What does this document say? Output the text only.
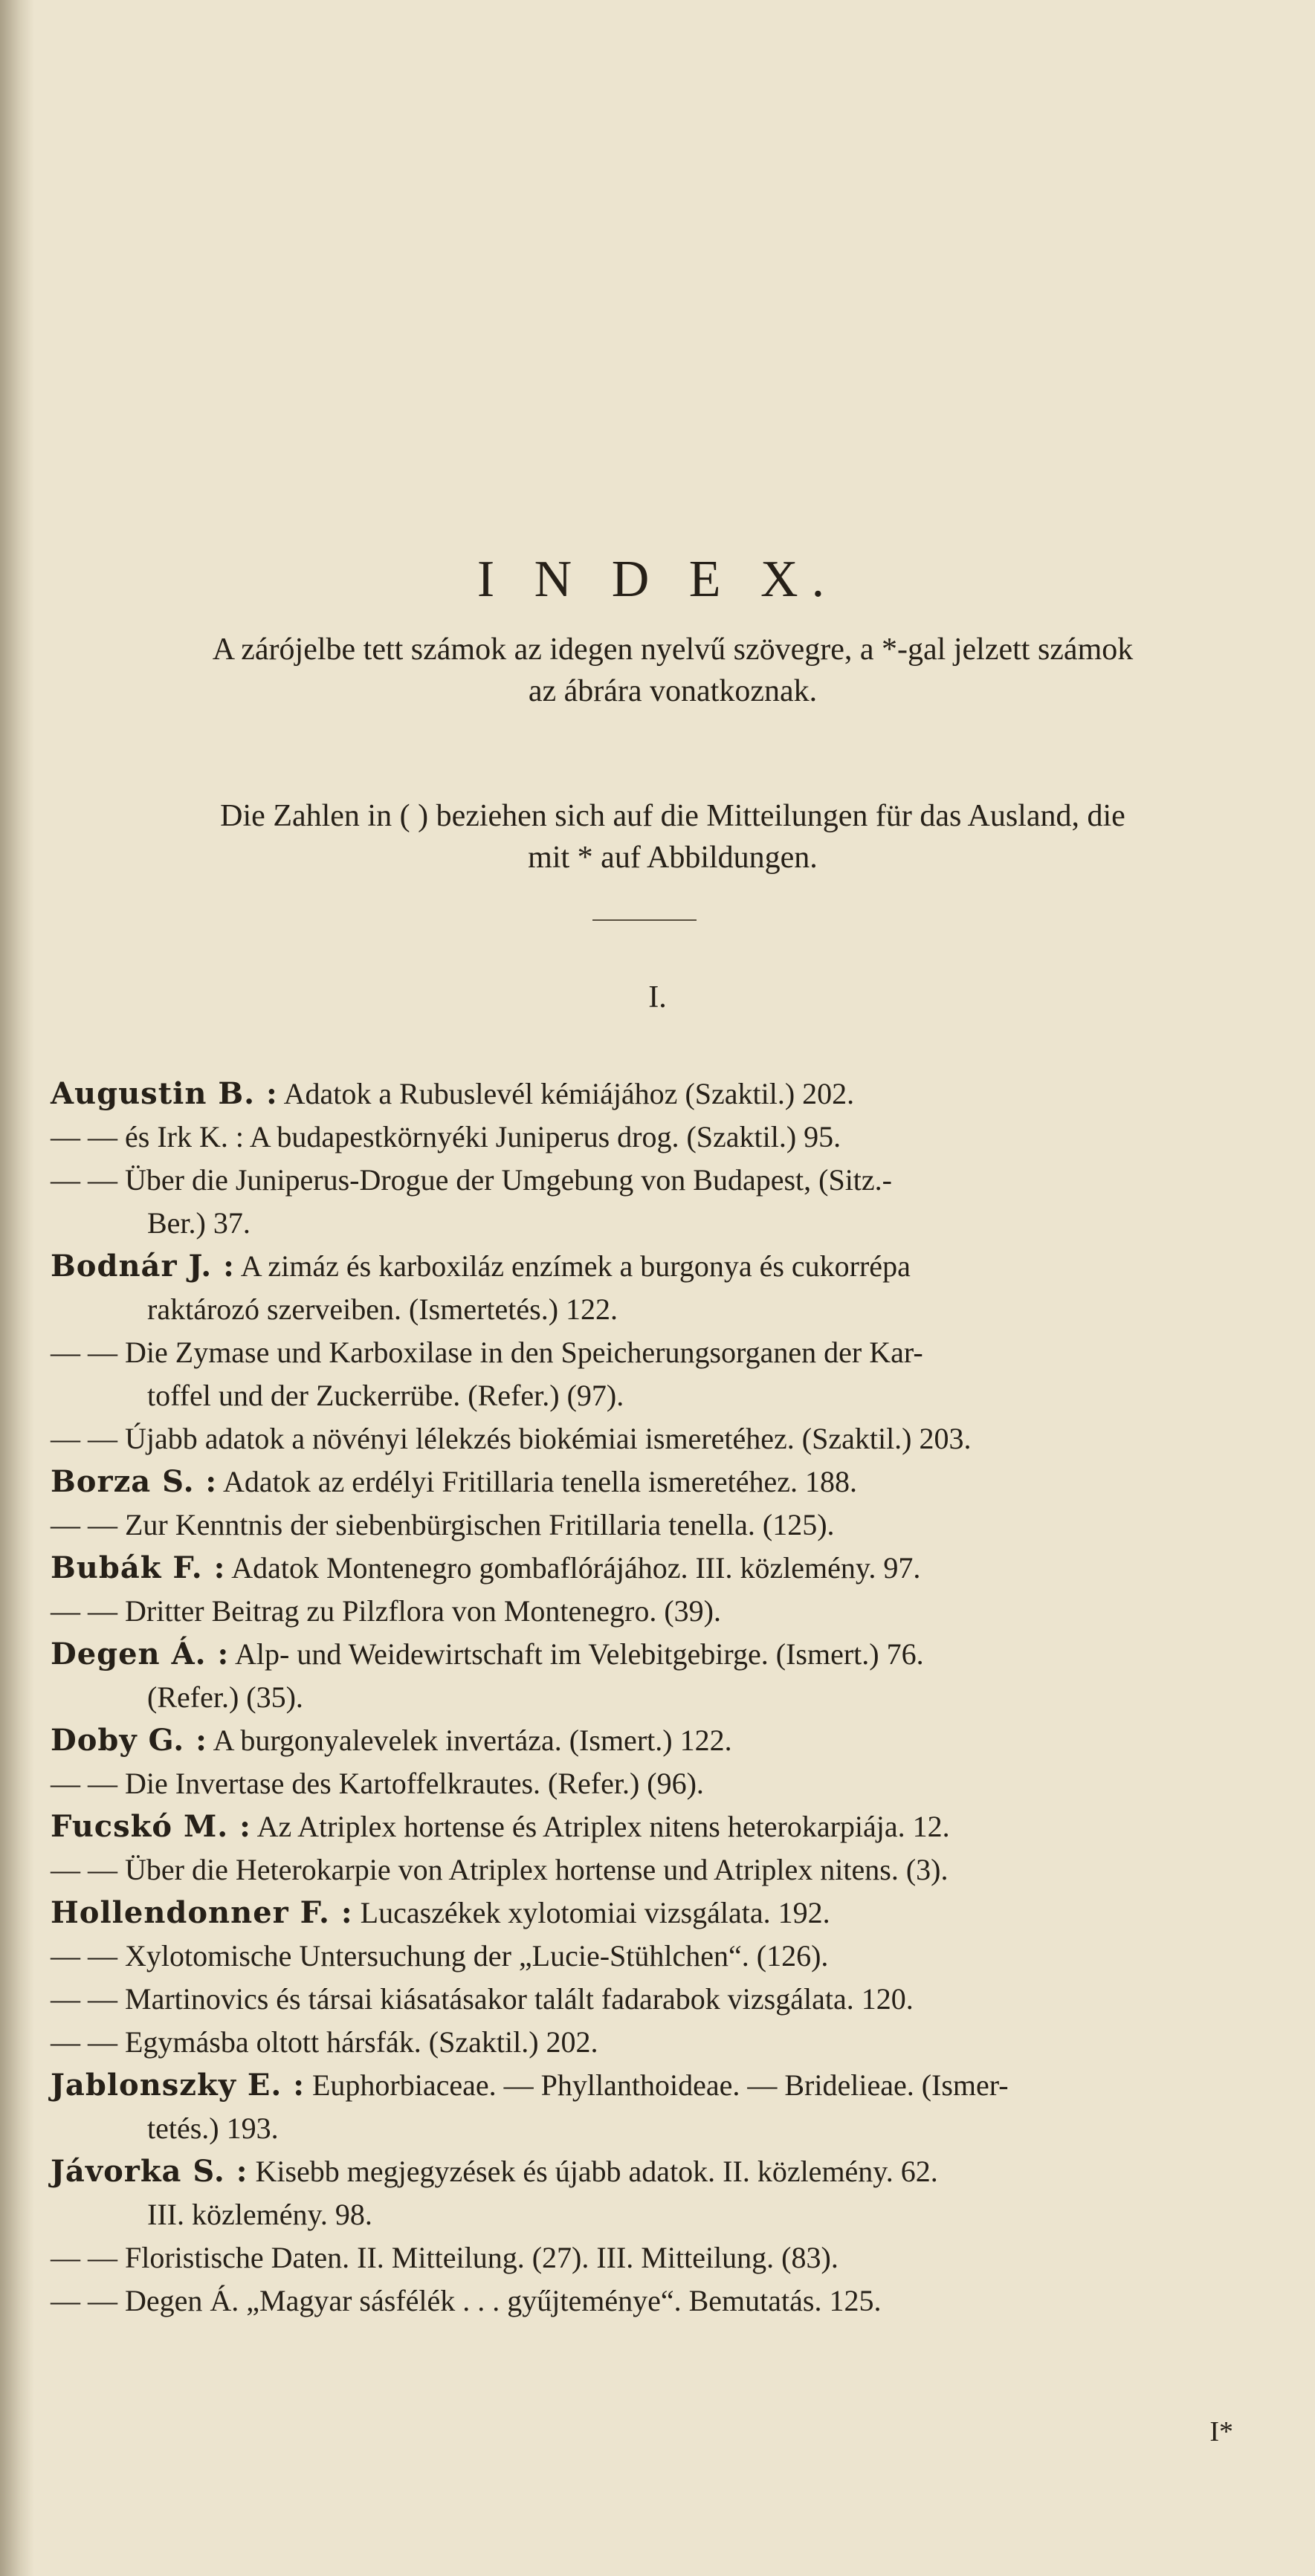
I N D E X.
A zárójelbe tett számok az idegen nyelvű szövegre, a *-gal jelzett számok
az ábrára vonatkoznak.
Die Zahlen in ( ) beziehen sich auf die Mitteilungen für das Ausland, die
mit * auf Abbildungen.
I.
Augustin B. : Adatok a Rubuslevél kémiájához (Szaktil.) 202.
— — és Irk K. : A budapestkörnyéki Juniperus drog. (Szaktil.) 95.
— — Über die Juniperus-Drogue der Umgebung von Budapest, (Sitz.-
Ber.) 37.
Bodnár J. : A zimáz és karboxiláz enzímek a burgonya és cukorrépa
raktározó szerveiben. (Ismertetés.) 122.
— — Die Zymase und Karboxilase in den Speicherungsorganen der Kar-
toffel und der Zuckerrübe. (Refer.) (97).
— — Újabb adatok a növényi lélekzés biokémiai ismeretéhez. (Szaktil.) 203.
Borza S. : Adatok az erdélyi Fritillaria tenella ismeretéhez. 188.
— — Zur Kenntnis der siebenbürgischen Fritillaria tenella. (125).
Bubák F. : Adatok Montenegro gombaflórájához. III. közlemény. 97.
— — Dritter Beitrag zu Pilzflora von Montenegro. (39).
Degen Á. : Alp- und Weidewirtschaft im Velebitgebirge. (Ismert.) 76.
(Refer.) (35).
Doby G. : A burgonyalevelek invertáza. (Ismert.) 122.
— — Die Invertase des Kartoffelkrautes. (Refer.) (96).
Fucskó M. : Az Atriplex hortense és Atriplex nitens heterokarpiája. 12.
— — Über die Heterokarpie von Atriplex hortense und Atriplex nitens. (3).
Hollendonner F. : Lucaszékek xylotomiai vizsgálata. 192.
— — Xylotomische Untersuchung der „Lucie-Stühlchen“. (126).
— — Martinovics és társai kiásatásakor talált fadarabok vizsgálata. 120.
— — Egymásba oltott hársfák. (Szaktil.) 202.
Jablonszky E. : Euphorbiaceae. — Phyllanthoideae. — Bridelieae. (Ismer-
tetés.) 193.
Jávorka S. : Kisebb megjegyzések és újabb adatok. II. közlemény. 62.
III. közlemény. 98.
— — Floristische Daten. II. Mitteilung. (27). III. Mitteilung. (83).
— — Degen Á. „Magyar sásfélék . . . gyűjteménye“. Bemutatás. 125.
I*
